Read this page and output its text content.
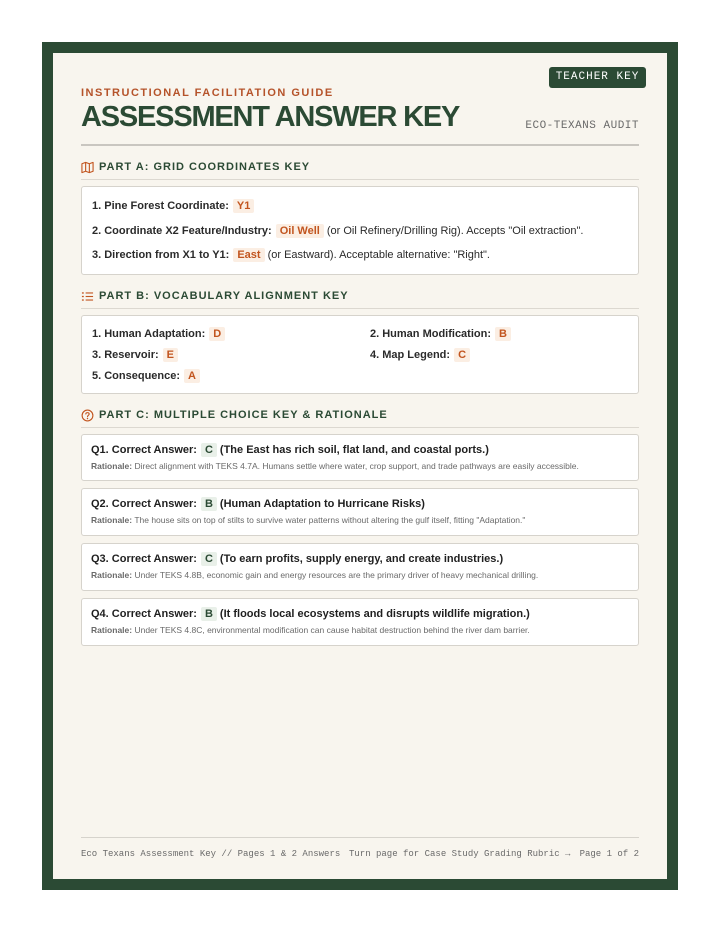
TEACHER KEY
INSTRUCTIONAL FACILITATION GUIDE
ASSESSMENT ANSWER KEY	ECO-TEXANS AUDIT
PART A: GRID COORDINATES KEY
1. Pine Forest Coordinate: Y1
2. Coordinate X2 Feature/Industry: Oil Well (or Oil Refinery/Drilling Rig). Accepts "Oil extraction".
3. Direction from X1 to Y1: East (or Eastward). Acceptable alternative: "Right".
PART B: VOCABULARY ALIGNMENT KEY
1. Human Adaptation: D	2. Human Modification: B
3. Reservoir: E	4. Map Legend: C
5. Consequence: A
PART C: MULTIPLE CHOICE KEY & RATIONALE
Q1. Correct Answer: C (The East has rich soil, flat land, and coastal ports.)
Rationale: Direct alignment with TEKS 4.7A. Humans settle where water, crop support, and trade pathways are easily accessible.
Q2. Correct Answer: B (Human Adaptation to Hurricane Risks)
Rationale: The house sits on top of stilts to survive water patterns without altering the gulf itself, fitting "Adaptation."
Q3. Correct Answer: C (To earn profits, supply energy, and create industries.)
Rationale: Under TEKS 4.8B, economic gain and energy resources are the primary driver of heavy mechanical drilling.
Q4. Correct Answer: B (It floods local ecosystems and disrupts wildlife migration.)
Rationale: Under TEKS 4.8C, environmental modification can cause habitat destruction behind the river dam barrier.
Eco Texans Assessment Key // Pages 1 & 2 Answers Turn page for Case Study Grading Rubric → Page 1 of 2
